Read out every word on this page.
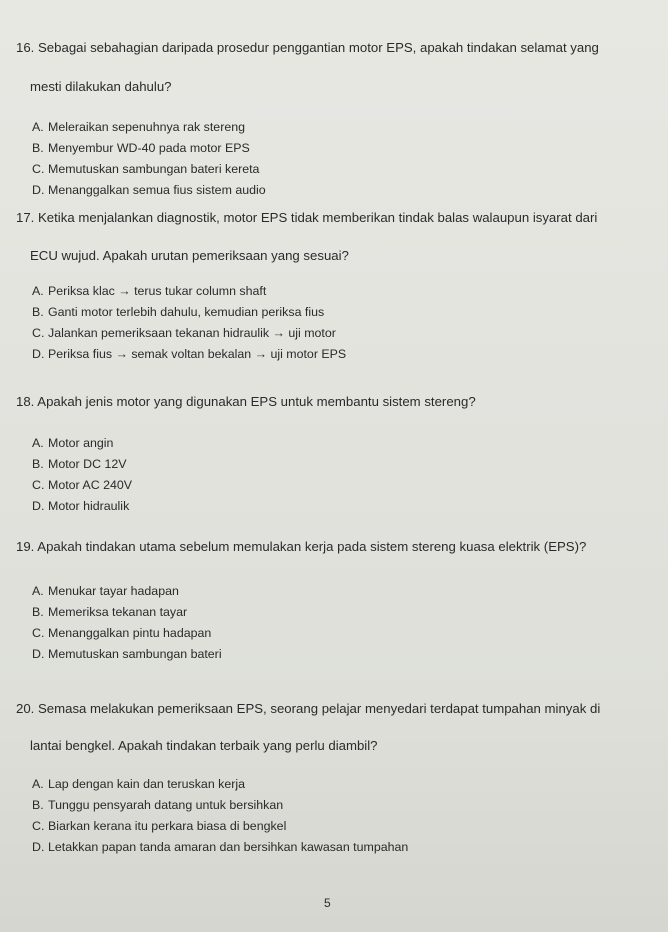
16. Sebagai sebahagian daripada prosedur penggantian motor EPS, apakah tindakan selamat yang
mesti dilakukan dahulu?

A. Meleraikan sepenuhnya rak stereng
B. Menyembur WD-40 pada motor EPS
C. Memutuskan sambungan bateri kereta
D. Menanggalkan semua fius sistem audio

17. Ketika menjalankan diagnostik, motor EPS tidak memberikan tindak balas walaupun isyarat dari
ECU wujud. Apakah urutan pemeriksaan yang sesuai?

A. Periksa klac → terus tukar column shaft
B. Ganti motor terlebih dahulu, kemudian periksa fius
C. Jalankan pemeriksaan tekanan hidraulik → uji motor
D. Periksa fius → semak voltan bekalan → uji motor EPS

18. Apakah jenis motor yang digunakan EPS untuk membantu sistem stereng?

A. Motor angin
B. Motor DC 12V
C. Motor AC 240V
D. Motor hidraulik

19. Apakah tindakan utama sebelum memulakan kerja pada sistem stereng kuasa elektrik (EPS)?

A. Menukar tayar hadapan
B. Memeriksa tekanan tayar
C. Menanggalkan pintu hadapan
D. Memutuskan sambungan bateri

20. Semasa melakukan pemeriksaan EPS, seorang pelajar menyedari terdapat tumpahan minyak di
lantai bengkel. Apakah tindakan terbaik yang perlu diambil?

A. Lap dengan kain dan teruskan kerja
B. Tunggu pensyarah datang untuk bersihkan
C. Biarkan kerana itu perkara biasa di bengkel
D. Letakkan papan tanda amaran dan bersihkan kawasan tumpahan
5
